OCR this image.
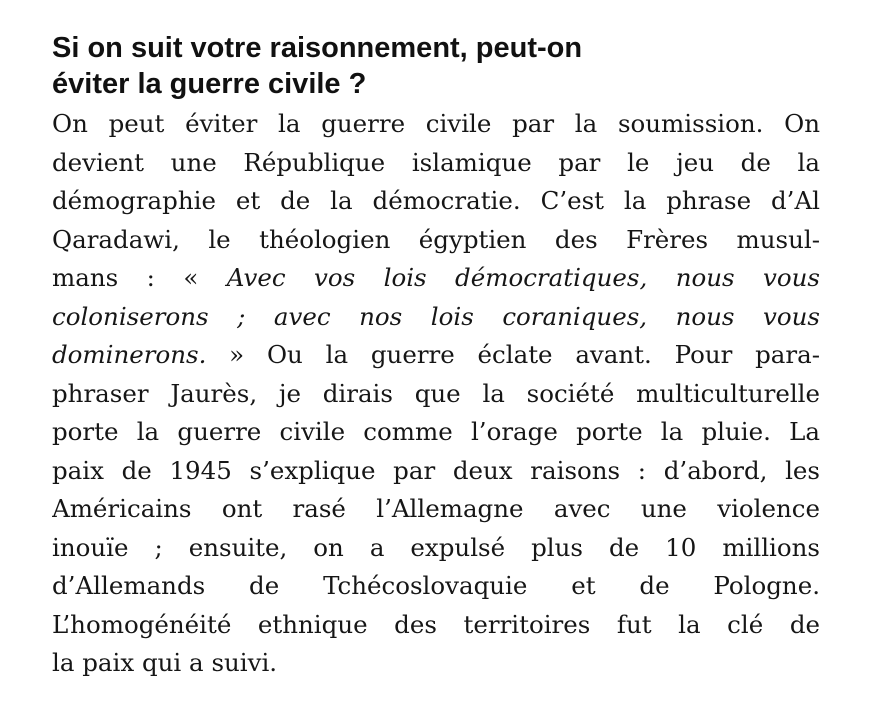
Si on suit votre raisonnement, peut-on
éviter la guerre civile ?
On peut éviter la guerre civile par la soumission. On
devient une République islamique par le jeu de la
démographie et de la démocratie. C’est la phrase d’Al
Qaradawi, le théologien égyptien des Frères musul-
mans : « Avec vos lois démocratiques, nous vous
coloniserons ; avec nos lois coraniques, nous vous
dominerons. » Ou la guerre éclate avant. Pour para-
phraser Jaurès, je dirais que la société multiculturelle
porte la guerre civile comme l’orage porte la pluie. La
paix de 1945 s’explique par deux raisons : d’abord, les
Américains ont rasé l’Allemagne avec une violence
inouïe ; ensuite, on a expulsé plus de 10 millions
d’Allemands de Tchécoslovaquie et de Pologne.
L’homogénéité ethnique des territoires fut la clé de
la paix qui a suivi.
